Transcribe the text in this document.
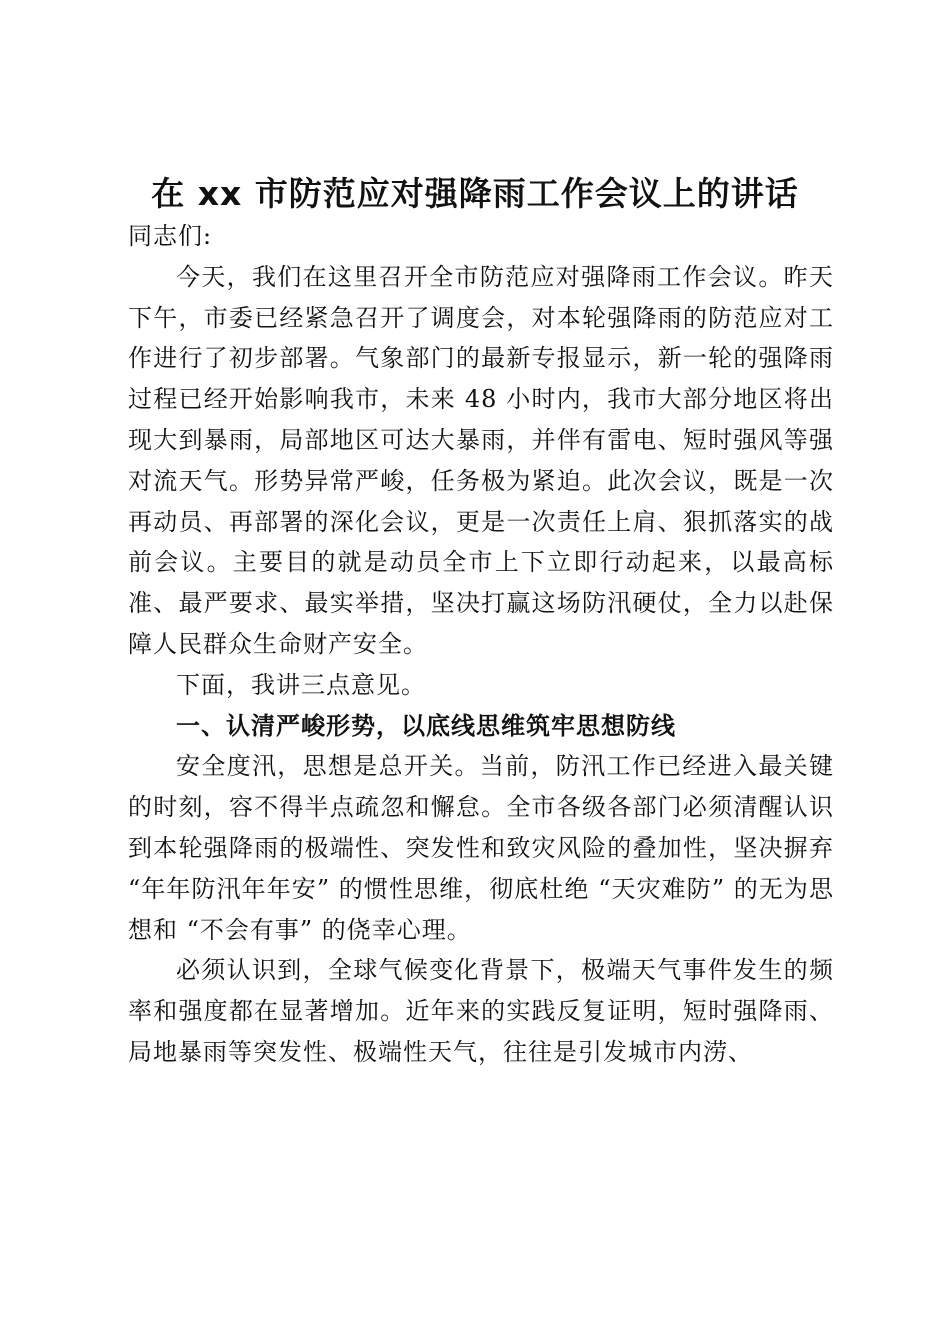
在 xx 市防范应对强降雨工作会议上的讲话

同志们:

今天，我们在这里召开全市防范应对强降雨工作会议。昨天下午，市委已经紧急召开了调度会，对本轮强降雨的防范应对工作进行了初步部署。气象部门的最新专报显示，新一轮的强降雨过程已经开始影响我市，未来 48 小时内，我市大部分地区将出现大到暴雨，局部地区可达大暴雨，并伴有雷电、短时强风等强对流天气。形势异常严峻，任务极为紧迫。此次会议，既是一次再动员、再部署的深化会议，更是一次责任上肩、狠抓落实的战前会议。主要目的就是动员全市上下立即行动起来，以最高标准、最严要求、最实举措，坚决打赢这场防汛硬仗，全力以赴保障人民群众生命财产安全。

下面，我讲三点意见。

一、认清严峻形势，以底线思维筑牢思想防线

安全度汛，思想是总开关。当前，防汛工作已经进入最关键的时刻，容不得半点疏忽和懈怠。全市各级各部门必须清醒认识到本轮强降雨的极端性、突发性和致灾风险的叠加性，坚决摒弃 “年年防汛年年安” 的惯性思维，彻底杜绝 “天灾难防” 的无为思想和 “不会有事” 的侥幸心理。

必须认识到，全球气候变化背景下，极端天气事件发生的频率和强度都在显著增加。近年来的实践反复证明，短时强降雨、局地暴雨等突发性、极端性天气，往往是引发城市内涝、
